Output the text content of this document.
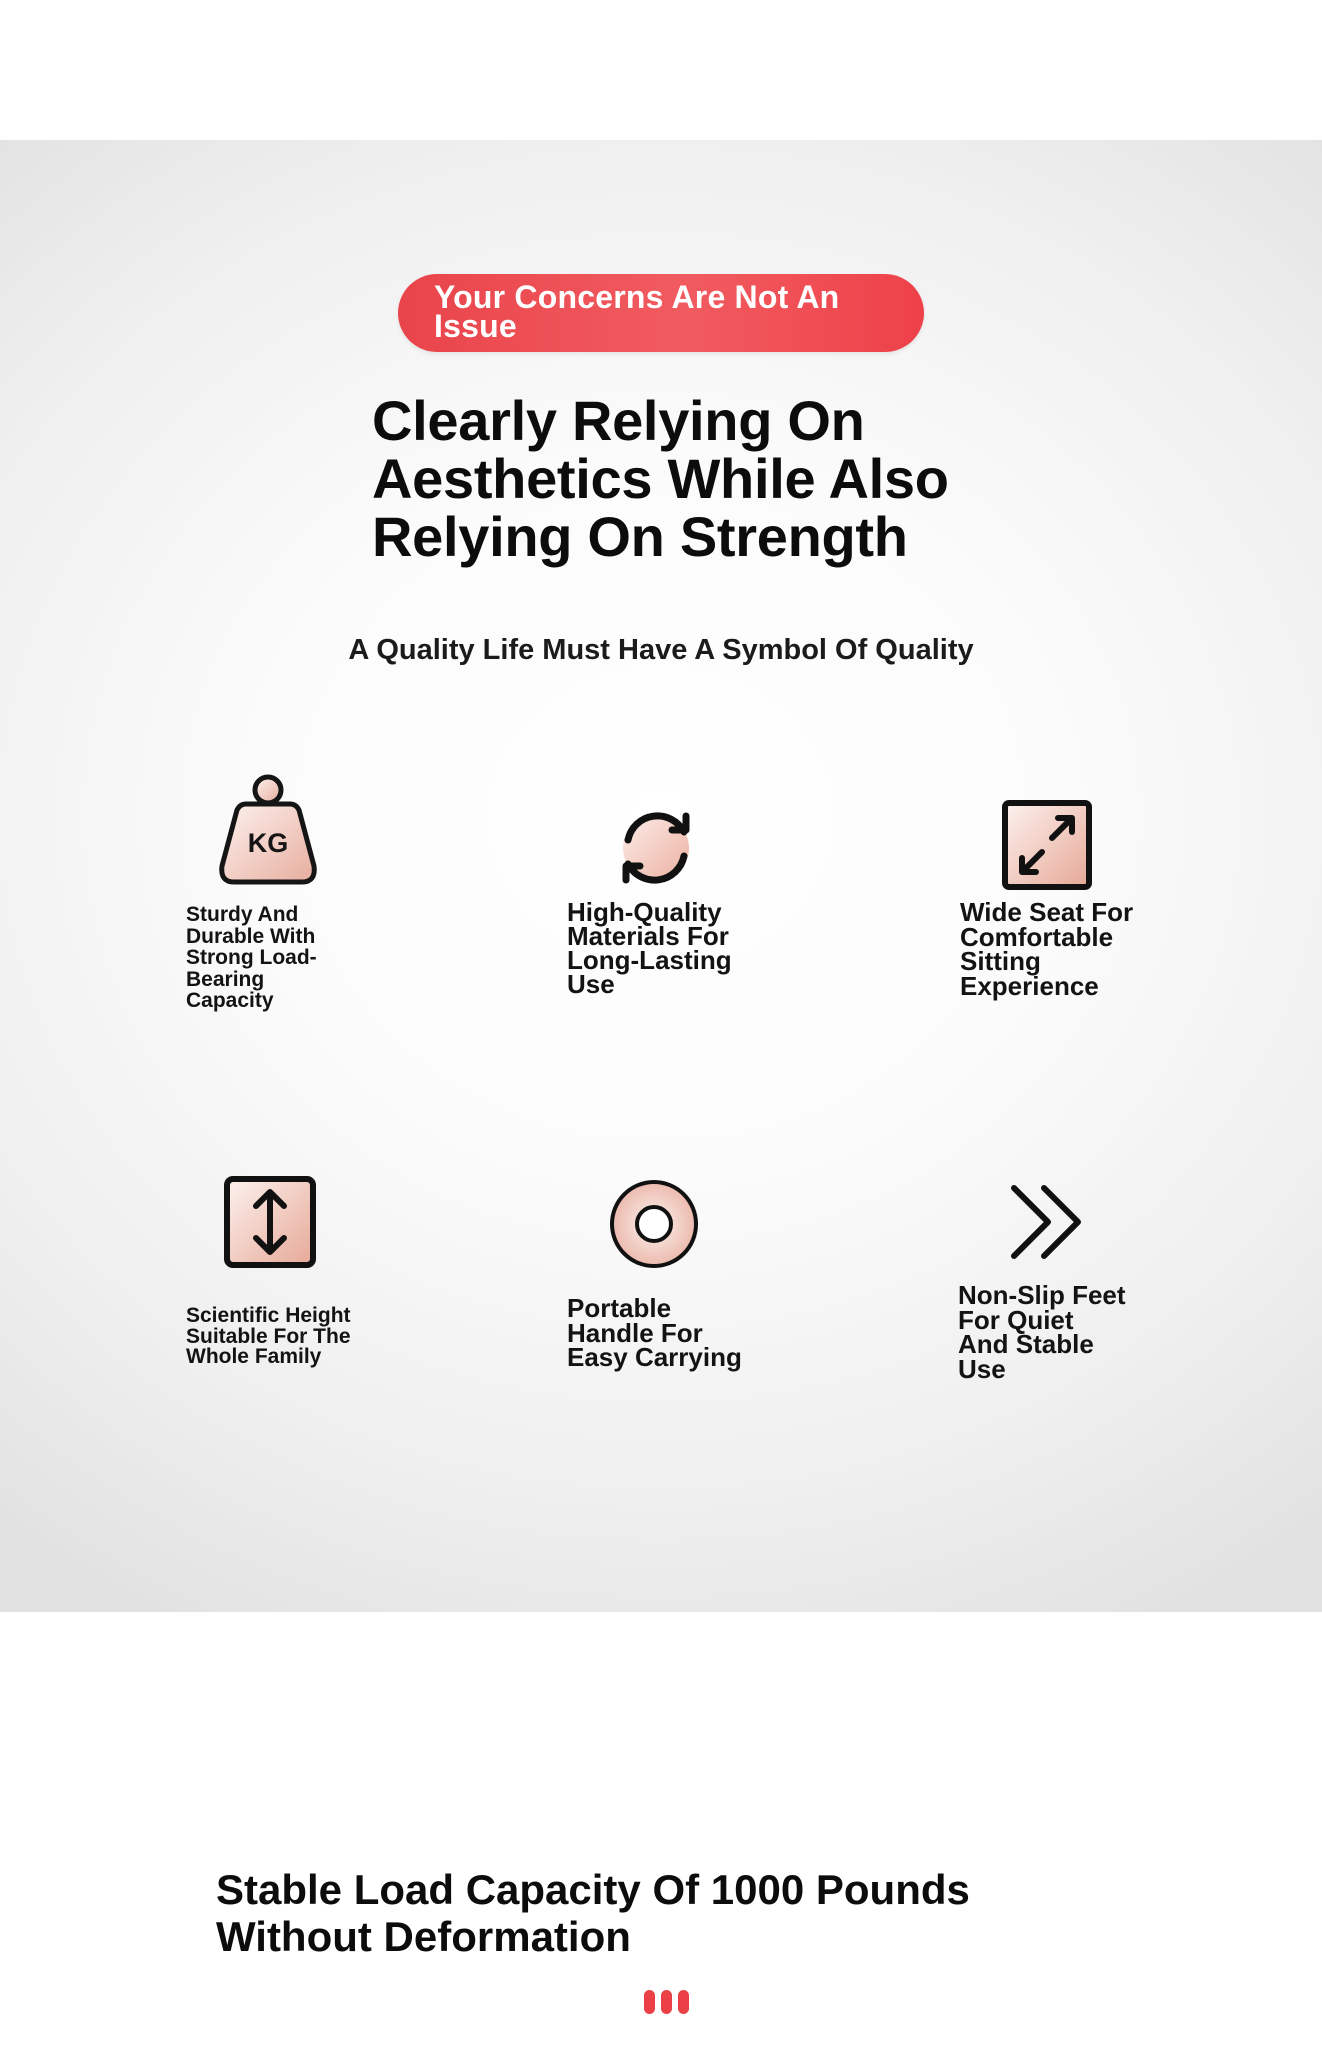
Your Concerns Are Not An Issue
Clearly Relying On Aesthetics While Also Relying On Strength
A Quality Life Must Have A Symbol Of Quality
KG
Sturdy And Durable With Strong Load-Bearing Capacity
High-Quality Materials For Long-Lasting Use
Wide Seat For Comfortable Sitting Experience
Scientific Height Suitable For The Whole Family
Portable Handle For Easy Carrying
Non-Slip Feet For Quiet And Stable Use
Stable Load Capacity Of 1000 Pounds Without Deformation
